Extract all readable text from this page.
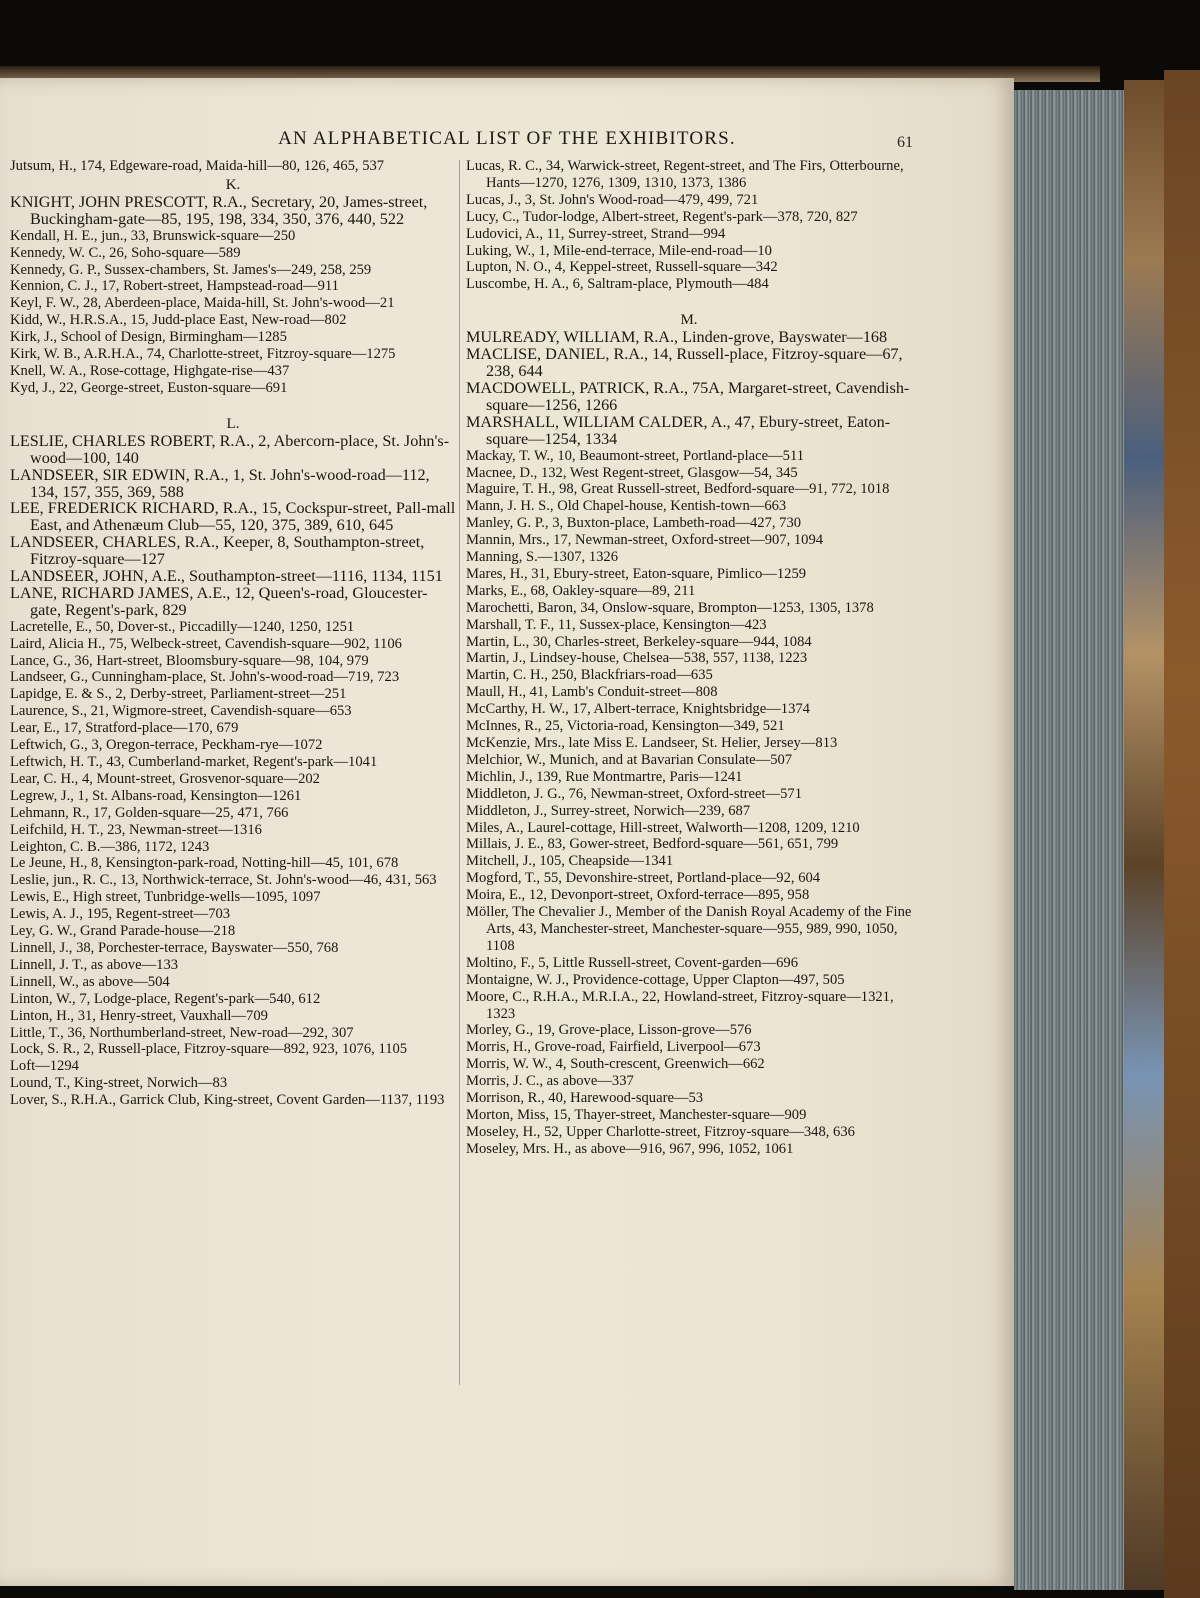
AN ALPHABETICAL LIST OF THE EXHIBITORS.	61
Jutsum, H., 174, Edgeware-road, Maida-hill—80, 126, 465, 537
K.
KNIGHT, JOHN PRESCOTT, R.A., Secretary, 20, James-street, Buckingham-gate—85, 195, 198, 334, 350, 376, 440, 522
Kendall, H. E., jun., 33, Brunswick-square—250
Kennedy, W. C., 26, Soho-square—589
Kennedy, G. P., Sussex-chambers, St. James's—249, 258, 259
Kennion, C. J., 17, Robert-street, Hampstead-road—911
Keyl, F. W., 28, Aberdeen-place, Maida-hill, St. John's-wood—21
Kidd, W., H.R.S.A., 15, Judd-place East, New-road—802
Kirk, J., School of Design, Birmingham—1285
Kirk, W. B., A.R.H.A., 74, Charlotte-street, Fitzroy-square—1275
Knell, W. A., Rose-cottage, Highgate-rise—437
Kyd, J., 22, George-street, Euston-square—691
L.
LESLIE, CHARLES ROBERT, R.A., 2, Abercorn-place, St. John's-wood—100, 140
LANDSEER, SIR EDWIN, R.A., 1, St. John's-wood-road—112, 134, 157, 355, 369, 588
LEE, FREDERICK RICHARD, R.A., 15, Cockspur-street, Pall-mall East, and Athenæum Club—55, 120, 375, 389, 610, 645
LANDSEER, CHARLES, R.A., Keeper, 8, Southampton-street, Fitzroy-square—127
LANDSEER, JOHN, A.E., Southampton-street—1116, 1134, 1151
LANE, RICHARD JAMES, A.E., 12, Queen's-road, Gloucester-gate, Regent's-park, 829
Lacretelle, E., 50, Dover-st., Piccadilly—1240, 1250, 1251
Laird, Alicia H., 75, Welbeck-street, Cavendish-square—902, 1106
Lance, G., 36, Hart-street, Bloomsbury-square—98, 104, 979
Landseer, G., Cunningham-place, St. John's-wood-road—719, 723
Lapidge, E. & S., 2, Derby-street, Parliament-street—251
Laurence, S., 21, Wigmore-street, Cavendish-square—653
Lear, E., 17, Stratford-place—170, 679
Leftwich, G., 3, Oregon-terrace, Peckham-rye—1072
Leftwich, H. T., 43, Cumberland-market, Regent's-park—1041
Lear, C. H., 4, Mount-street, Grosvenor-square—202
Legrew, J., 1, St. Albans-road, Kensington—1261
Lehmann, R., 17, Golden-square—25, 471, 766
Leifchild, H. T., 23, Newman-street—1316
Leighton, C. B.—386, 1172, 1243
Le Jeune, H., 8, Kensington-park-road, Notting-hill—45, 101, 678
Leslie, jun., R. C., 13, Northwick-terrace, St. John's-wood—46, 431, 563
Lewis, E., High street, Tunbridge-wells—1095, 1097
Lewis, A. J., 195, Regent-street—703
Ley, G. W., Grand Parade-house—218
Linnell, J., 38, Porchester-terrace, Bayswater—550, 768
Linnell, J. T., as above—133
Linnell, W., as above—504
Linton, W., 7, Lodge-place, Regent's-park—540, 612
Linton, H., 31, Henry-street, Vauxhall—709
Little, T., 36, Northumberland-street, New-road—292, 307
Lock, S. R., 2, Russell-place, Fitzroy-square—892, 923, 1076, 1105
Loft—1294
Lound, T., King-street, Norwich—83
Lover, S., R.H.A., Garrick Club, King-street, Covent Garden—1137, 1193
Lucas, R. C., 34, Warwick-street, Regent-street, and The Firs, Otterbourne, Hants—1270, 1276, 1309, 1310, 1373, 1386
Lucas, J., 3, St. John's Wood-road—479, 499, 721
Lucy, C., Tudor-lodge, Albert-street, Regent's-park—378, 720, 827
Ludovici, A., 11, Surrey-street, Strand—994
Luking, W., 1, Mile-end-terrace, Mile-end-road—10
Lupton, N. O., 4, Keppel-street, Russell-square—342
Luscombe, H. A., 6, Saltram-place, Plymouth—484
M.
MULREADY, WILLIAM, R.A., Linden-grove, Bayswater—168
MACLISE, DANIEL, R.A., 14, Russell-place, Fitzroy-square—67, 238, 644
MACDOWELL, PATRICK, R.A., 75A, Margaret-street, Cavendish-square—1256, 1266
MARSHALL, WILLIAM CALDER, A., 47, Ebury-street, Eaton-square—1254, 1334
Mackay, T. W., 10, Beaumont-street, Portland-place—511
Macnee, D., 132, West Regent-street, Glasgow—54, 345
Maguire, T. H., 98, Great Russell-street, Bedford-square—91, 772, 1018
Mann, J. H. S., Old Chapel-house, Kentish-town—663
Manley, G. P., 3, Buxton-place, Lambeth-road—427, 730
Mannin, Mrs., 17, Newman-street, Oxford-street—907, 1094
Manning, S.—1307, 1326
Mares, H., 31, Ebury-street, Eaton-square, Pimlico—1259
Marks, E., 68, Oakley-square—89, 211
Marochetti, Baron, 34, Onslow-square, Brompton—1253, 1305, 1378
Marshall, T. F., 11, Sussex-place, Kensington—423
Martin, L., 30, Charles-street, Berkeley-square—944, 1084
Martin, J., Lindsey-house, Chelsea—538, 557, 1138, 1223
Martin, C. H., 250, Blackfriars-road—635
Maull, H., 41, Lamb's Conduit-street—808
McCarthy, H. W., 17, Albert-terrace, Knightsbridge—1374
McInnes, R., 25, Victoria-road, Kensington—349, 521
McKenzie, Mrs., late Miss E. Landseer, St. Helier, Jersey—813
Melchior, W., Munich, and at Bavarian Consulate—507
Michlin, J., 139, Rue Montmartre, Paris—1241
Middleton, J. G., 76, Newman-street, Oxford-street—571
Middleton, J., Surrey-street, Norwich—239, 687
Miles, A., Laurel-cottage, Hill-street, Walworth—1208, 1209, 1210
Millais, J. E., 83, Gower-street, Bedford-square—561, 651, 799
Mitchell, J., 105, Cheapside—1341
Mogford, T., 55, Devonshire-street, Portland-place—92, 604
Moira, E., 12, Devonport-street, Oxford-terrace—895, 958
Möller, The Chevalier J., Member of the Danish Royal Academy of the Fine Arts, 43, Manchester-street, Manchester-square—955, 989, 990, 1050, 1108
Moltino, F., 5, Little Russell-street, Covent-garden—696
Montaigne, W. J., Providence-cottage, Upper Clapton—497, 505
Moore, C., R.H.A., M.R.I.A., 22, Howland-street, Fitzroy-square—1321, 1323
Morley, G., 19, Grove-place, Lisson-grove—576
Morris, H., Grove-road, Fairfield, Liverpool—673
Morris, W. W., 4, South-crescent, Greenwich—662
Morris, J. C., as above—337
Morrison, R., 40, Harewood-square—53
Morton, Miss, 15, Thayer-street, Manchester-square—909
Moseley, H., 52, Upper Charlotte-street, Fitzroy-square—348, 636
Moseley, Mrs. H., as above—916, 967, 996, 1052, 1061
